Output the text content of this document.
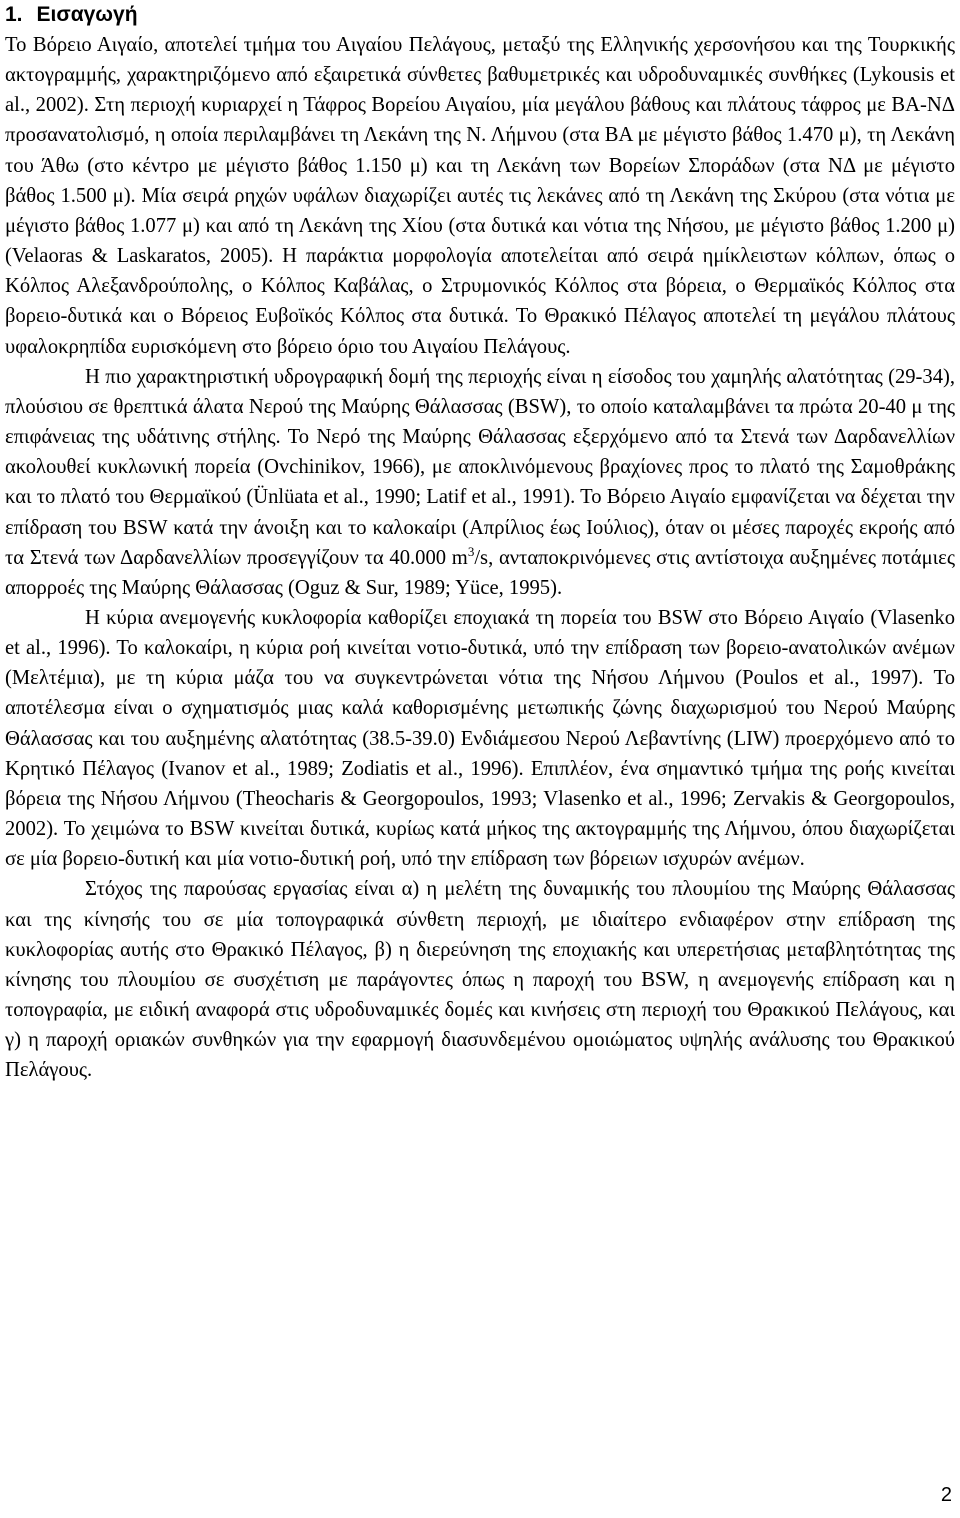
1. Εισαγωγή

Το Βόρειο Αιγαίο, αποτελεί τμήμα του Αιγαίου Πελάγους, μεταξύ της Ελληνικής χερσονήσου και της Τουρκικής ακτογραμμής, χαρακτηριζόμενο από εξαιρετικά σύνθετες βαθυμετρικές και υδροδυναμικές συνθήκες (Lykousis et al., 2002). Στη περιοχή κυριαρχεί η Τάφρος Βορείου Αιγαίου, μία μεγάλου βάθους και πλάτους τάφρος με ΒΑ-ΝΔ προσανατολισμό, η οποία περιλαμβάνει τη Λεκάνη της Ν. Λήμνου (στα ΒΑ με μέγιστο βάθος 1.470 μ), τη Λεκάνη του Άθω (στο κέντρο με μέγιστο βάθος 1.150 μ) και τη Λεκάνη των Βορείων Σποράδων (στα ΝΔ με μέγιστο βάθος 1.500 μ). Μία σειρά ρηχών υφάλων διαχωρίζει αυτές τις λεκάνες από τη Λεκάνη της Σκύρου (στα νότια με μέγιστο βάθος 1.077 μ) και από τη Λεκάνη της Χίου (στα δυτικά και νότια της Νήσου, με μέγιστο βάθος 1.200 μ) (Velaoras & Laskaratos, 2005). Η παράκτια μορφολογία αποτελείται από σειρά ημίκλειστων κόλπων, όπως ο Κόλπος Αλεξανδρούπολης, ο Κόλπος Καβάλας, ο Στρυμονικός Κόλπος στα βόρεια, ο Θερμαϊκός Κόλπος στα βορειο-δυτικά και ο Βόρειος Ευβοϊκός Κόλπος στα δυτικά. Το Θρακικό Πέλαγος αποτελεί τη μεγάλου πλάτους υφαλοκρηπίδα ευρισκόμενη στο βόρειο όριο του Αιγαίου Πελάγους.

Η πιο χαρακτηριστική υδρογραφική δομή της περιοχής είναι η είσοδος του χαμηλής αλατότητας (29-34), πλούσιου σε θρεπτικά άλατα Νερού της Μαύρης Θάλασσας (BSW), το οποίο καταλαμβάνει τα πρώτα 20-40 μ της επιφάνειας της υδάτινης στήλης. Το Νερό της Μαύρης Θάλασσας εξερχόμενο από τα Στενά των Δαρδανελλίων ακολουθεί κυκλωνική πορεία (Ovchinikov, 1966), με αποκλινόμενους βραχίονες προς το πλατό της Σαμοθράκης και το πλατό του Θερμαϊκού (Ünlüata et al., 1990; Latif et al., 1991). Το Βόρειο Αιγαίο εμφανίζεται να δέχεται την επίδραση του BSW κατά την άνοιξη και το καλοκαίρι (Απρίλιος έως Ιούλιος), όταν οι μέσες παροχές εκροής από τα Στενά των Δαρδανελλίων προσεγγίζουν τα 40.000 $m^3/s$, ανταποκρινόμενες στις αντίστοιχα αυξημένες ποτάμιες απορροές της Μαύρης Θάλασσας (Oguz & Sur, 1989; Yüce, 1995).

Η κύρια ανεμογενής κυκλοφορία καθορίζει εποχιακά τη πορεία του BSW στο Βόρειο Αιγαίο (Vlasenko et al., 1996). Το καλοκαίρι, η κύρια ροή κινείται νοτιο-δυτικά, υπό την επίδραση των βορειο-ανατολικών ανέμων (Μελτέμια), με τη κύρια μάζα του να συγκεντρώνεται νότια της Νήσου Λήμνου (Poulos et al., 1997). Το αποτέλεσμα είναι ο σχηματισμός μιας καλά καθορισμένης μετωπικής ζώνης διαχωρισμού του Νερού Μαύρης Θάλασσας και του αυξημένης αλατότητας (38.5-39.0) Ενδιάμεσου Νερού Λεβαντίνης (LIW) προερχόμενο από το Κρητικό Πέλαγος (Ivanov et al., 1989; Zodiatis et al., 1996). Επιπλέον, ένα σημαντικό τμήμα της ροής κινείται βόρεια της Νήσου Λήμνου (Theocharis & Georgopoulos, 1993; Vlasenko et al., 1996; Zervakis & Georgopoulos, 2002). Το χειμώνα το BSW κινείται δυτικά, κυρίως κατά μήκος της ακτογραμμής της Λήμνου, όπου διαχωρίζεται σε μία βορειο-δυτική και μία νοτιο-δυτική ροή, υπό την επίδραση των βόρειων ισχυρών ανέμων.

Στόχος της παρούσας εργασίας είναι α) η μελέτη της δυναμικής του πλουμίου της Μαύρης Θάλασσας και της κίνησής του σε μία τοπογραφικά σύνθετη περιοχή, με ιδιαίτερο ενδιαφέρον στην επίδραση της κυκλοφορίας αυτής στο Θρακικό Πέλαγος, β) η διερεύνηση της εποχιακής και υπερετήσιας μεταβλητότητας της κίνησης του πλουμίου σε συσχέτιση με παράγοντες όπως η παροχή του BSW, η ανεμογενής επίδραση και η τοπογραφία, με ειδική αναφορά στις υδροδυναμικές δομές και κινήσεις στη περιοχή του Θρακικού Πελάγους, και γ) η παροχή οριακών συνθηκών για την εφαρμογή διασυνδεμένου ομοιώματος υψηλής ανάλυσης του Θρακικού Πελάγους.

2
